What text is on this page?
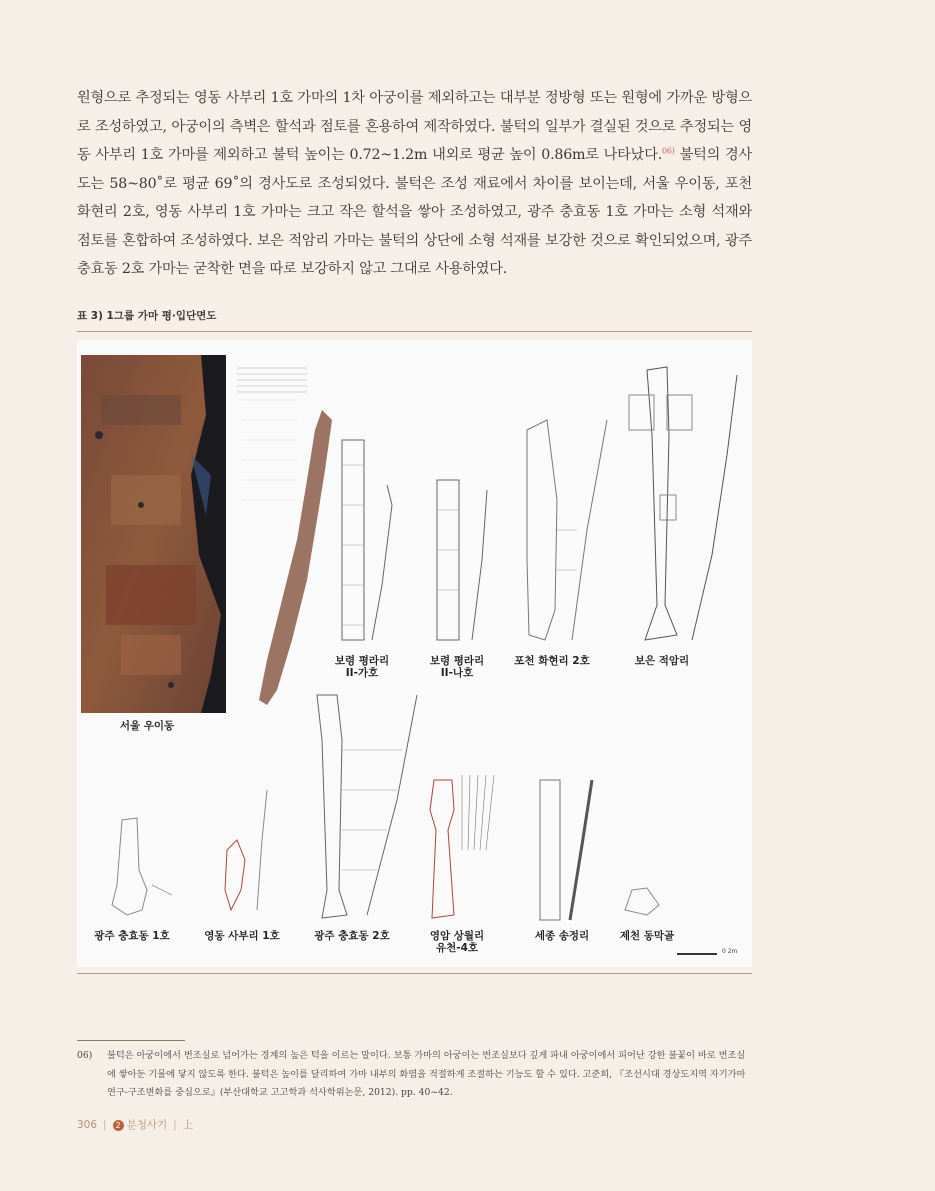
원형으로 추정되는 영동 사부리 1호 가마의 1차 아궁이를 제외하고는 대부분 정방형 또는 원형에 가까운 방형으로 조성하였고, 아궁이의 측벽은 할석과 점토를 혼용하여 제작하였다. 불턱의 일부가 결실된 것으로 추정되는 영동 사부리 1호 가마를 제외하고 불턱 높이는 0.72~1.2m 내외로 평균 높이 0.86m로 나타났다.$^{06)}$ 불턱의 경사도는 58~80˚로 평균 69˚의 경사도로 조성되었다. 불턱은 조성 재료에서 차이를 보이는데, 서울 우이동, 포천 화현리 2호, 영동 사부리 1호 가마는 크고 작은 할석을 쌓아 조성하였고, 광주 충효동 1호 가마는 소형 석재와 점토를 혼합하여 조성하였다. 보은 적암리 가마는 불턱의 상단에 소형 석재를 보강한 것으로 확인되었으며, 광주 충효동 2호 가마는 굳착한 면을 따로 보강하지 않고 그대로 사용하였다.

표 3) 1그룹 가마 평·입단면도
서울 우이동
보령 평라리
II-가호
보령 평라리
II-나호
포천 화현리 2호	보은 적암리
광주 충효동 1호	영동 사부리 1호	광주 충효동 2호	영암 상월리
유천-4호
세종 송정리	제천 동막골
0 2m
06) 불턱은 아궁이에서 번조실로 넘어가는 경계의 높은 턱을 이르는 말이다. 보통 가마의 아궁이는 번조실보다 깊게 파내 아궁이에서 피어난 강한 불꽃이 바로 번조실에 쌓아둔 기물에 닿지 않도록 한다. 불턱은 높이를 달리하여 가마 내부의 화염을 적절하게 조절하는 기능도 할 수 있다. 고준희, 『조선시대 경상도지역 자기가마 연구-구조변화를 중심으로』(부산대학교 고고학과 석사학위논문, 2012). pp. 40~42.
306 | 2 분청사기 | 上
